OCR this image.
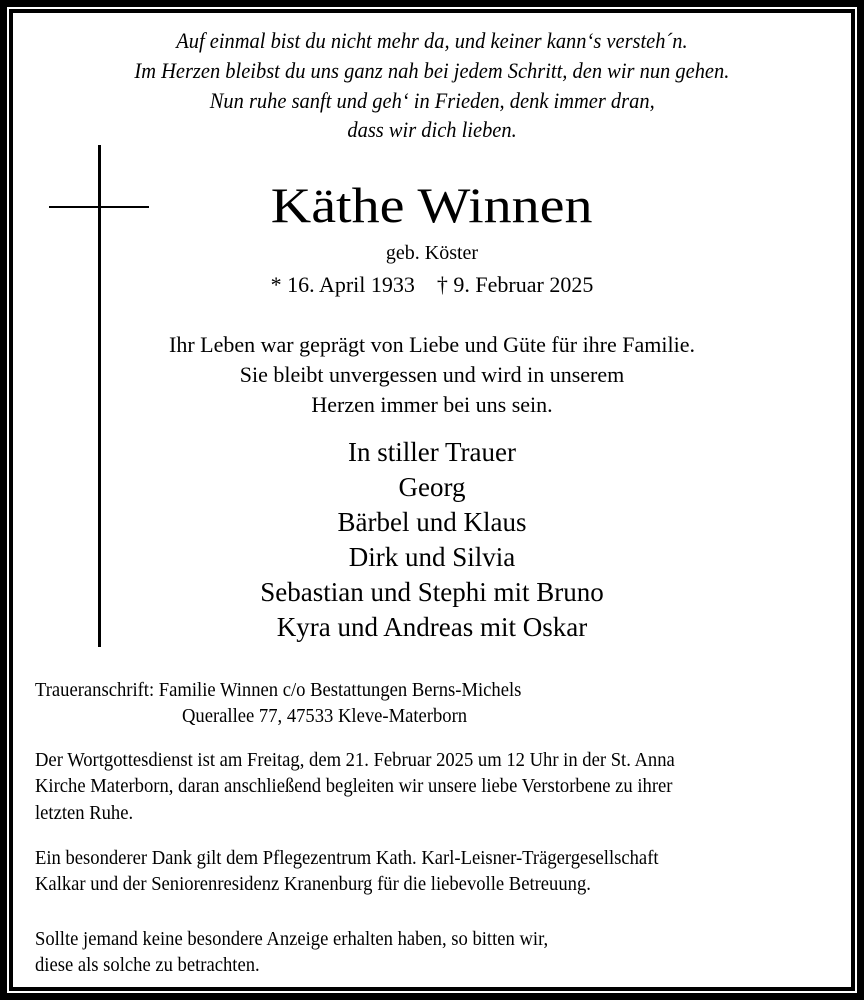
Auf einmal bist du nicht mehr da, und keiner kann‘s versteh´n.
Im Herzen bleibst du uns ganz nah bei jedem Schritt, den wir nun gehen.
Nun ruhe sanft und geh‘ in Frieden, denk immer dran,
dass wir dich lieben.
Käthe Winnen
geb. Köster
* 16. April 1933 † 9. Februar 2025
Ihr Leben war geprägt von Liebe und Güte für ihre Familie.
Sie bleibt unvergessen und wird in unserem
Herzen immer bei uns sein.
In stiller Trauer
Georg
Bärbel und Klaus
Dirk und Silvia
Sebastian und Stephi mit Bruno
Kyra und Andreas mit Oskar
Traueranschrift: Familie Winnen c/o Bestattungen Berns-Michels
Querallee 77, 47533 Kleve-Materborn
Der Wortgottesdienst ist am Freitag, dem 21. Februar 2025 um 12 Uhr in der St. Anna
Kirche Materborn, daran anschließend begleiten wir unsere liebe Verstorbene zu ihrer
letzten Ruhe.
Ein besonderer Dank gilt dem Pflegezentrum Kath. Karl-Leisner-Trägergesellschaft
Kalkar und der Seniorenresidenz Kranenburg für die liebevolle Betreuung.
Sollte jemand keine besondere Anzeige erhalten haben, so bitten wir,
diese als solche zu betrachten.
